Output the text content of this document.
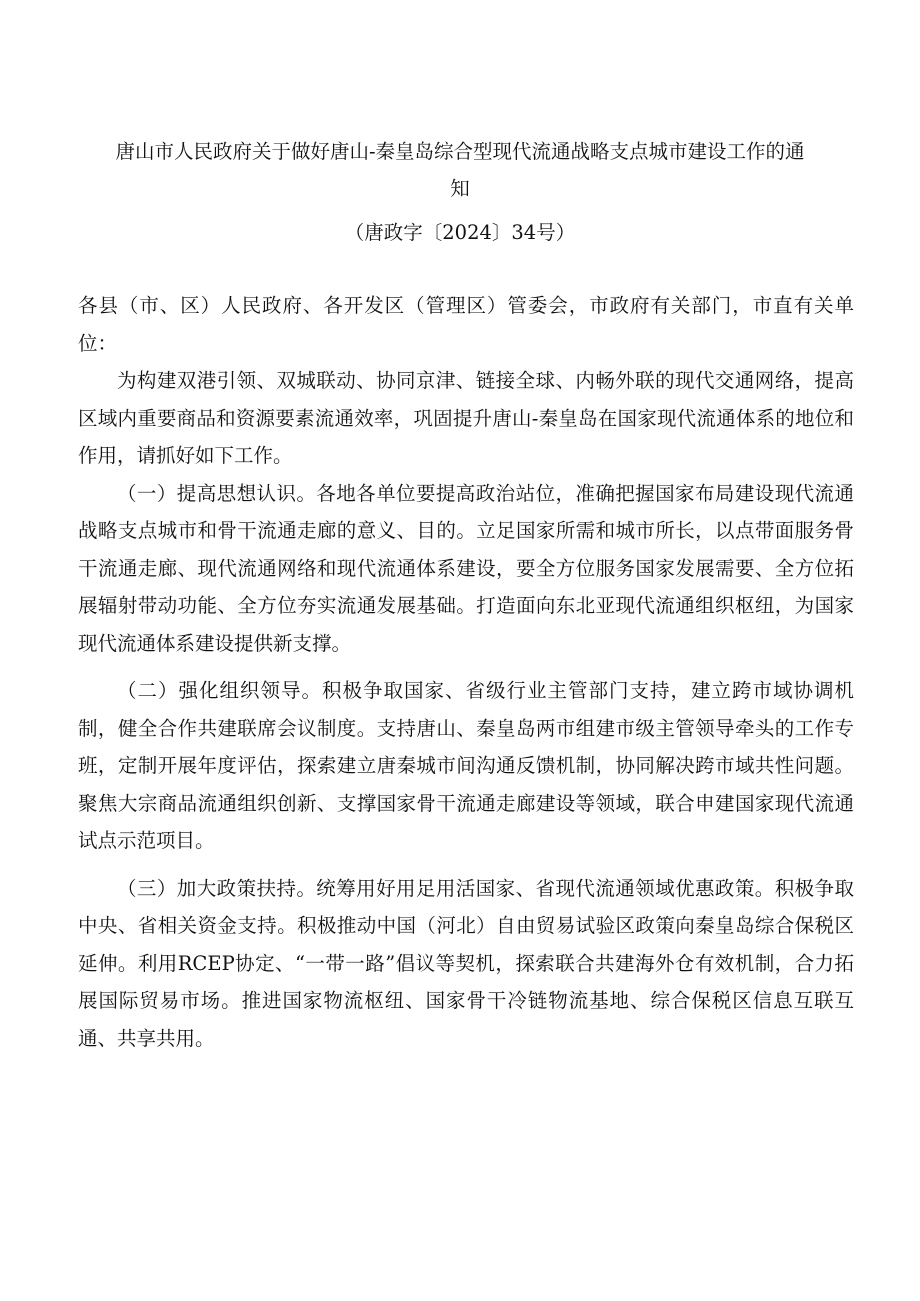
唐山市人民政府关于做好唐山-秦皇岛综合型现代流通战略支点城市建设工作的通
知
（唐政字〔2024〕34号）

各县（市、区）人民政府、各开发区（管理区）管委会，市政府有关部门，市直有关单位：

为构建双港引领、双城联动、协同京津、链接全球、内畅外联的现代交通网络，提高区域内重要商品和资源要素流通效率，巩固提升唐山-秦皇岛在国家现代流通体系的地位和作用，请抓好如下工作。

（一）提高思想认识。各地各单位要提高政治站位，准确把握国家布局建设现代流通战略支点城市和骨干流通走廊的意义、目的。立足国家所需和城市所长，以点带面服务骨干流通走廊、现代流通网络和现代流通体系建设，要全方位服务国家发展需要、全方位拓展辐射带动功能、全方位夯实流通发展基础。打造面向东北亚现代流通组织枢纽，为国家现代流通体系建设提供新支撑。

（二）强化组织领导。积极争取国家、省级行业主管部门支持，建立跨市域协调机制，健全合作共建联席会议制度。支持唐山、秦皇岛两市组建市级主管领导牵头的工作专班，定制开展年度评估，探索建立唐秦城市间沟通反馈机制，协同解决跨市域共性问题。聚焦大宗商品流通组织创新、支撑国家骨干流通走廊建设等领域，联合申建国家现代流通试点示范项目。

（三）加大政策扶持。统筹用好用足用活国家、省现代流通领域优惠政策。积极争取中央、省相关资金支持。积极推动中国（河北）自由贸易试验区政策向秦皇岛综合保税区延伸。利用RCEP协定、“一带一路”倡议等契机，探索联合共建海外仓有效机制，合力拓展国际贸易市场。推进国家物流枢纽、国家骨干冷链物流基地、综合保税区信息互联互通、共享共用。
